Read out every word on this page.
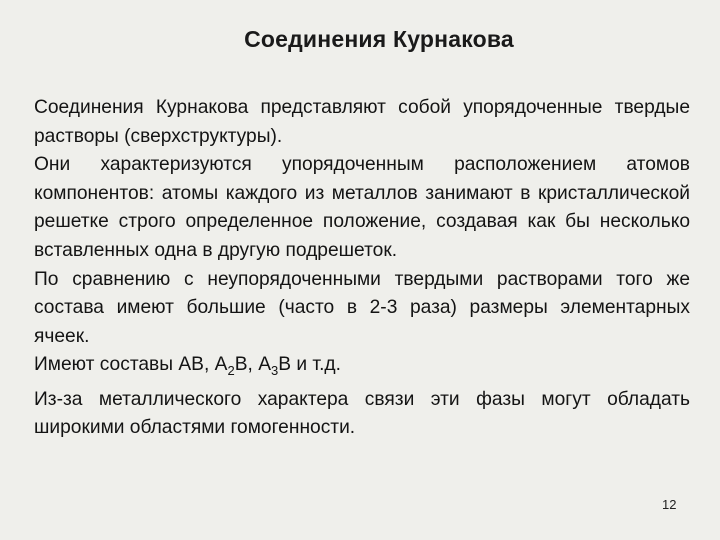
Соединения Курнакова

Соединения Курнакова представляют собой упорядоченные твердые растворы (сверхструктуры).

Они характеризуются упорядоченным расположением атомов компонентов: атомы каждого из металлов занимают в кристаллической решетке строго определенное положение, создавая как бы несколько вставленных одна в другую подрешеток.

По сравнению с неупорядоченными твердыми растворами того же состава имеют большие (часто в 2-3 раза) размеры элементарных ячеек.

Имеют составы АВ, $А_2В$, $А_3В$ и т.д.

Из-за металлического характера связи эти фазы могут обладать широкими областями гомогенности.

12
